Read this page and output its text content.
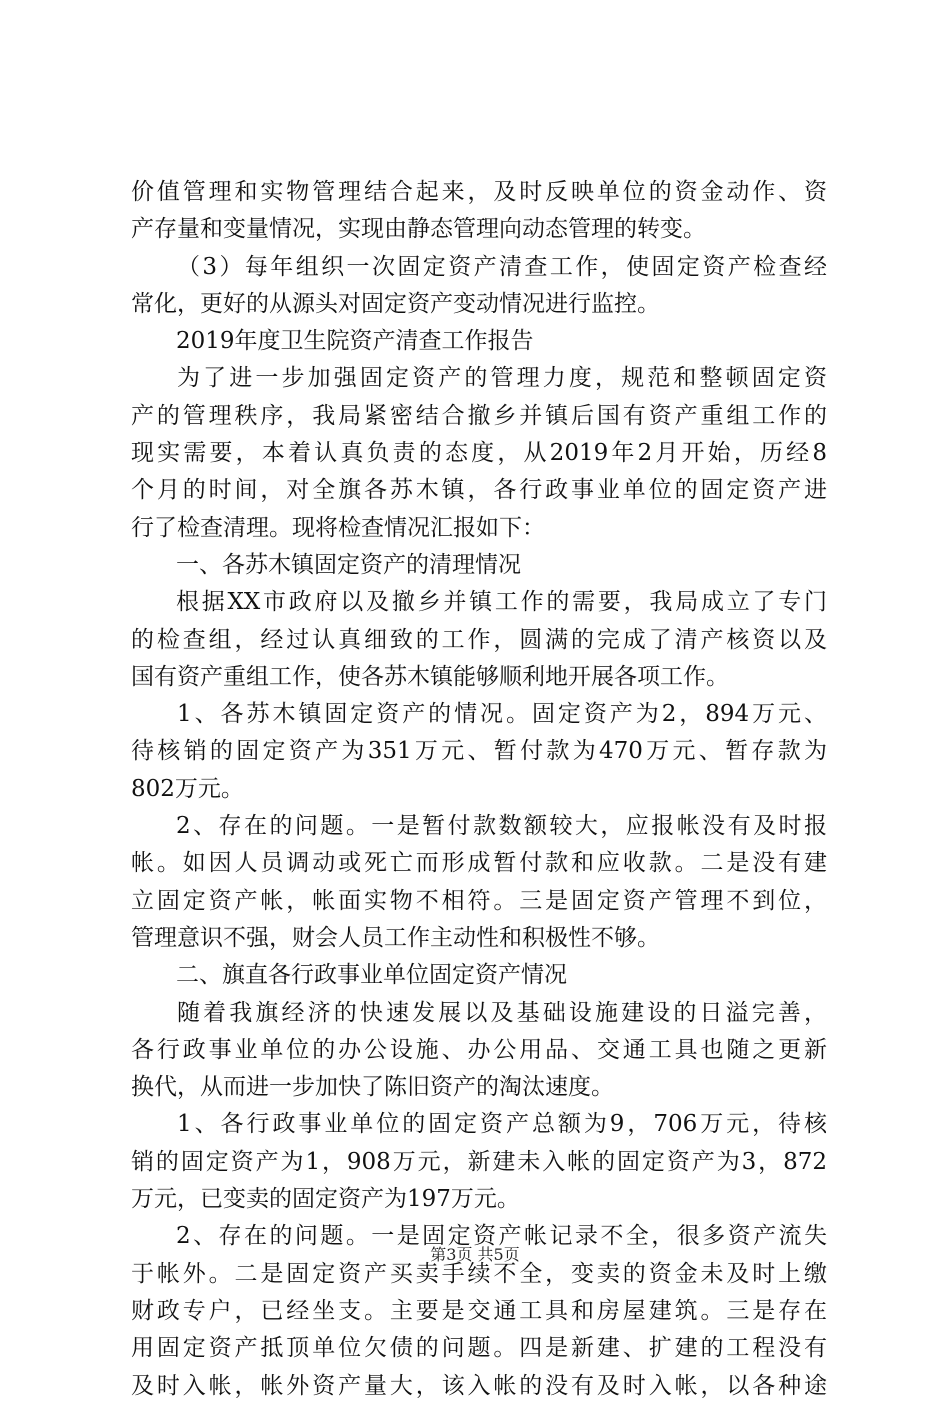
价值管理和实物管理结合起来，及时反映单位的资金动作、资
产存量和变量情况，实现由静态管理向动态管理的转变。
（3）每年组织一次固定资产清查工作，使固定资产检查经
常化，更好的从源头对固定资产变动情况进行监控。
2019年度卫生院资产清查工作报告
为了进一步加强固定资产的管理力度，规范和整顿固定资
产的管理秩序，我局紧密结合撤乡并镇后国有资产重组工作的
现实需要，本着认真负责的态度，从2019年2月开始，历经8
个月的时间，对全旗各苏木镇，各行政事业单位的固定资产进
行了检查清理。现将检查情况汇报如下：
一、各苏木镇固定资产的清理情况
根据XX市政府以及撤乡并镇工作的需要，我局成立了专门
的检查组，经过认真细致的工作，圆满的完成了清产核资以及
国有资产重组工作，使各苏木镇能够顺利地开展各项工作。
1、各苏木镇固定资产的情况。固定资产为2，894万元、
待核销的固定资产为351万元、暂付款为470万元、暂存款为
802万元。
2、存在的问题。一是暂付款数额较大，应报帐没有及时报
帐。如因人员调动或死亡而形成暂付款和应收款。二是没有建
立固定资产帐，帐面实物不相符。三是固定资产管理不到位，
管理意识不强，财会人员工作主动性和积极性不够。
二、旗直各行政事业单位固定资产情况
随着我旗经济的快速发展以及基础设施建设的日溢完善，
各行政事业单位的办公设施、办公用品、交通工具也随之更新
换代，从而进一步加快了陈旧资产的淘汰速度。
1、各行政事业单位的固定资产总额为9，706万元，待核
销的固定资产为1，908万元，新建未入帐的固定资产为3，872
万元，已变卖的固定资产为197万元。
2、存在的问题。一是固定资产帐记录不全，很多资产流失
于帐外。二是固定资产买卖手续不全，变卖的资金未及时上缴
财政专户，已经坐支。主要是交通工具和房屋建筑。三是存在
用固定资产抵顶单位欠债的问题。四是新建、扩建的工程没有
及时入帐，帐外资产量大，该入帐的没有及时入帐，以各种途
第3页 共5页
